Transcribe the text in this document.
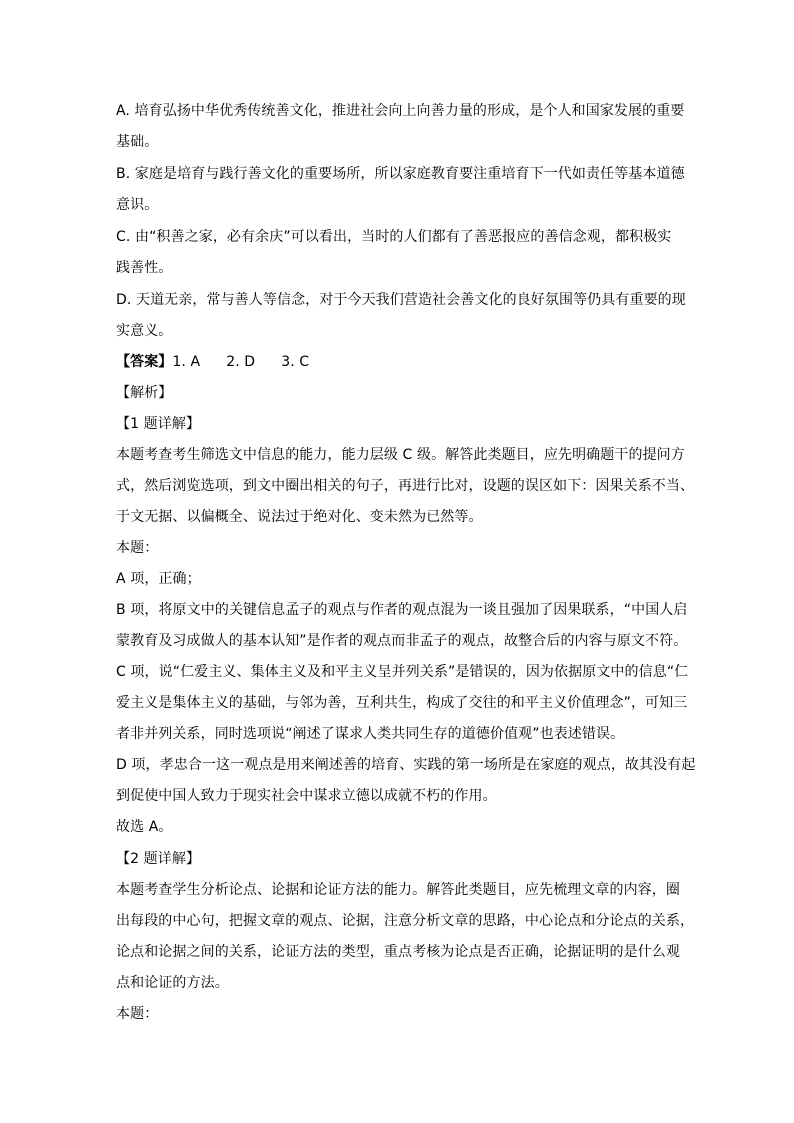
A. 培育弘扬中华优秀传统善文化，推进社会向上向善力量的形成，是个人和国家发展的重要
基础。
B. 家庭是培育与践行善文化的重要场所，所以家庭教育要注重培育下一代如责任等基本道德
意识。
C. 由“积善之家，必有余庆”可以看出，当时的人们都有了善恶报应的善信念观，都积极实
践善性。
D. 天道无亲，常与善人等信念，对于今天我们营造社会善文化的良好氛围等仍具有重要的现
实意义。
【答案】1. A 2. D 3. C
【解析】
【1 题详解】
本题考查考生筛选文中信息的能力，能力层级 C 级。解答此类题目，应先明确题干的提问方
式，然后浏览选项，到文中圈出相关的句子，再进行比对，设题的误区如下：因果关系不当、
于文无据、以偏概全、说法过于绝对化、变未然为已然等。
本题：
A 项，正确；
B 项，将原文中的关键信息孟子的观点与作者的观点混为一谈且强加了因果联系，“中国人启
蒙教育及习成做人的基本认知”是作者的观点而非孟子的观点，故整合后的内容与原文不符。
C 项，说“仁爱主义、集体主义及和平主义呈并列关系”是错误的，因为依据原文中的信息“仁
爱主义是集体主义的基础，与邻为善，互利共生，构成了交往的和平主义价值理念”，可知三
者非并列关系，同时选项说“阐述了谋求人类共同生存的道德价值观”也表述错误。
D 项，孝忠合一这一观点是用来阐述善的培育、实践的第一场所是在家庭的观点，故其没有起
到促使中国人致力于现实社会中谋求立德以成就不朽的作用。
故选 A。
【2 题详解】
本题考查学生分析论点、论据和论证方法的能力。解答此类题目，应先梳理文章的内容，圈
出每段的中心句，把握文章的观点、论据，注意分析文章的思路，中心论点和分论点的关系，
论点和论据之间的关系，论证方法的类型，重点考核为论点是否正确，论据证明的是什么观
点和论证的方法。
本题：
